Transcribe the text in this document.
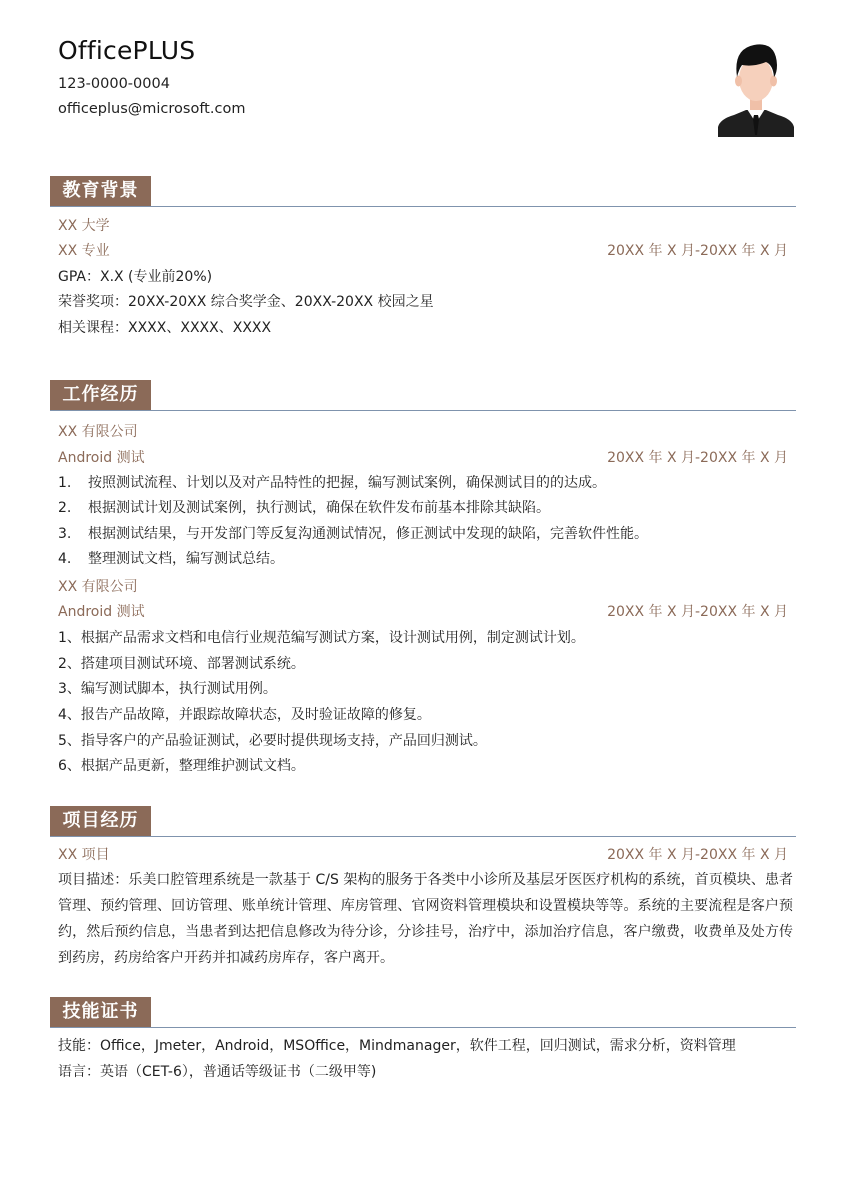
OfficePLUS
123-0000-0004
officeplus@microsoft.com
教育背景
XX 大学
XX 专业	20XX 年 X 月-20XX 年 X 月
GPA：X.X (专业前20%)
荣誉奖项：20XX-20XX 综合奖学金、20XX-20XX 校园之星
相关课程：XXXX、XXXX、XXXX
工作经历
XX 有限公司
Android 测试	20XX 年 X 月-20XX 年 X 月
1. 按照测试流程、计划以及对产品特性的把握，编写测试案例，确保测试目的的达成。
2. 根据测试计划及测试案例，执行测试，确保在软件发布前基本排除其缺陷。
3. 根据测试结果，与开发部门等反复沟通测试情况，修正测试中发现的缺陷，完善软件性能。
4. 整理测试文档，编写测试总结。
XX 有限公司
Android 测试	20XX 年 X 月-20XX 年 X 月
1、根据产品需求文档和电信行业规范编写测试方案，设计测试用例，制定测试计划。
2、搭建项目测试环境、部署测试系统。
3、编写测试脚本，执行测试用例。
4、报告产品故障，并跟踪故障状态，及时验证故障的修复。
5、指导客户的产品验证测试，必要时提供现场支持，产品回归测试。
6、根据产品更新，整理维护测试文档。
项目经历
XX 项目	20XX 年 X 月-20XX 年 X 月
项目描述：乐美口腔管理系统是一款基于 C/S 架构的服务于各类中小诊所及基层牙医医疗机构的系统，首页模块、患者管理、预约管理、回访管理、账单统计管理、库房管理、官网资料管理模块和设置模块等等。系统的主要流程是客户预约，然后预约信息，当患者到达把信息修改为待分诊，分诊挂号，治疗中，添加治疗信息，客户缴费，收费单及处方传到药房，药房给客户开药并扣减药房库存，客户离开。
技能证书
技能：Office，Jmeter，Android，MSOffice，Mindmanager，软件工程，回归测试，需求分析，资料管理
语言：英语（CET-6），普通话等级证书（二级甲等)
